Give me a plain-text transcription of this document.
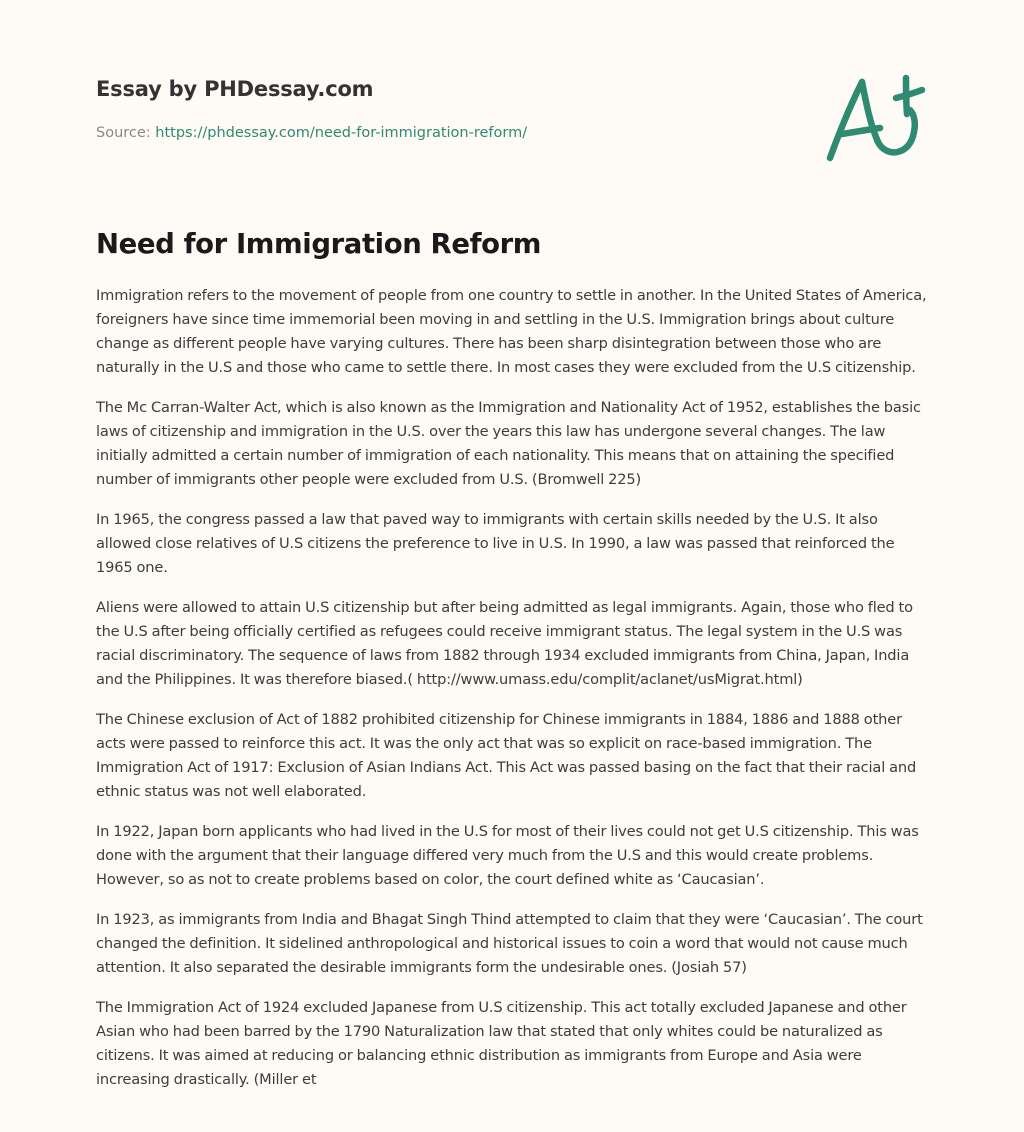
Essay by PHDessay.com
Source: https://phdessay.com/need-for-immigration-reform/
Need for Immigration Reform

Immigration refers to the movement of people from one country to settle in another. In the United States of America, foreigners have since time immemorial been moving in and settling in the U.S. Immigration brings about culture change as different people have varying cultures. There has been sharp disintegration between those who are naturally in the U.S and those who came to settle there. In most cases they were excluded from the U.S citizenship.

The Mc Carran-Walter Act, which is also known as the Immigration and Nationality Act of 1952, establishes the basic laws of citizenship and immigration in the U.S. over the years this law has undergone several changes. The law initially admitted a certain number of immigration of each nationality. This means that on attaining the specified number of immigrants other people were excluded from U.S. (Bromwell 225)

In 1965, the congress passed a law that paved way to immigrants with certain skills needed by the U.S. It also allowed close relatives of U.S citizens the preference to live in U.S. In 1990, a law was passed that reinforced the 1965 one.

Aliens were allowed to attain U.S citizenship but after being admitted as legal immigrants. Again, those who fled to the U.S after being officially certified as refugees could receive immigrant status. The legal system in the U.S was racial discriminatory. The sequence of laws from 1882 through 1934 excluded immigrants from China, Japan, India and the Philippines. It was therefore biased.( http://www.umass.edu/complit/aclanet/usMigrat.html)

The Chinese exclusion of Act of 1882 prohibited citizenship for Chinese immigrants in 1884, 1886 and 1888 other acts were passed to reinforce this act. It was the only act that was so explicit on race-based immigration. The Immigration Act of 1917: Exclusion of Asian Indians Act. This Act was passed basing on the fact that their racial and ethnic status was not well elaborated.

In 1922, Japan born applicants who had lived in the U.S for most of their lives could not get U.S citizenship. This was done with the argument that their language differed very much from the U.S and this would create problems. However, so as not to create problems based on color, the court defined white as ‘Caucasian’.

In 1923, as immigrants from India and Bhagat Singh Thind attempted to claim that they were ‘Caucasian’. The court changed the definition. It sidelined anthropological and historical issues to coin a word that would not cause much attention. It also separated the desirable immigrants form the undesirable ones. (Josiah 57)

The Immigration Act of 1924 excluded Japanese from U.S citizenship. This act totally excluded Japanese and other Asian who had been barred by the 1790 Naturalization law that stated that only whites could be naturalized as citizens. It was aimed at reducing or balancing ethnic distribution as immigrants from Europe and Asia were increasing drastically. (Miller et
